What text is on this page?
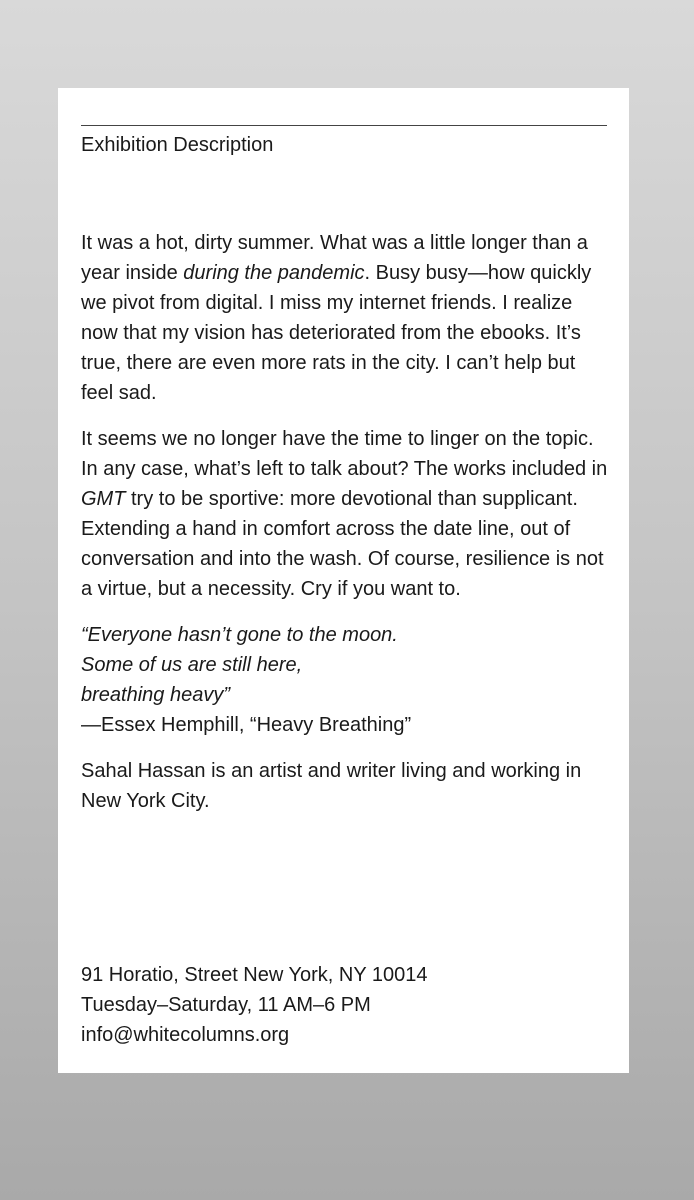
Exhibition Description

It was a hot, dirty summer. What was a little longer than a year inside during the pandemic. Busy busy—how quickly we pivot from digital. I miss my internet friends. I realize now that my vision has deteriorated from the ebooks. It’s true, there are even more rats in the city. I can’t help but feel sad.

It seems we no longer have the time to linger on the topic. In any case, what’s left to talk about? The works included in GMT try to be sportive: more devotional than supplicant. Extending a hand in comfort across the date line, out of conversation and into the wash. Of course, resilience is not a virtue, but a necessity. Cry if you want to.

“Everyone hasn’t gone to the moon.
Some of us are still here,
breathing heavy”
—Essex Hemphill, “Heavy Breathing”

Sahal Hassan is an artist and writer living and working in New York City.

91 Horatio, Street New York, NY 10014
Tuesday–Saturday, 11 AM–6 PM
info@whitecolumns.org
